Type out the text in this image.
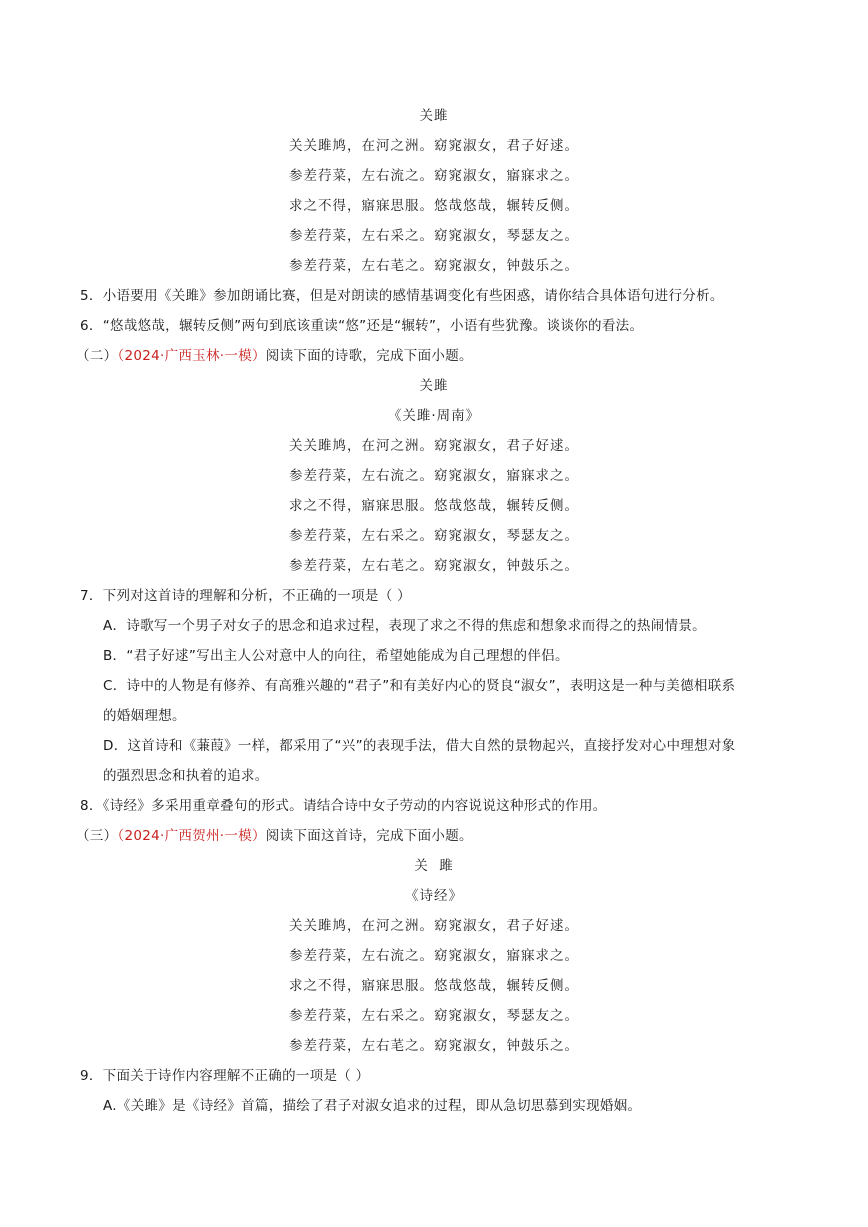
关雎
关关雎鸠，在河之洲。窈窕淑女，君子好逑。
参差荇菜，左右流之。窈窕淑女，寤寐求之。
求之不得，寤寐思服。悠哉悠哉，辗转反侧。
参差荇菜，左右采之。窈窕淑女，琴瑟友之。
参差荇菜，左右芼之。窈窕淑女，钟鼓乐之。
5．小语要用《关雎》参加朗诵比赛，但是对朗读的感情基调变化有些困惑，请你结合具体语句进行分析。
6．“悠哉悠哉，辗转反侧”两句到底该重读“悠”还是“辗转”，小语有些犹豫。谈谈你的看法。
（二）（2024·广西玉林·一模）阅读下面的诗歌，完成下面小题。
关雎
《关雎·周南》
关关雎鸠，在河之洲。窈窕淑女，君子好逑。
参差荇菜，左右流之。窈窕淑女，寤寐求之。
求之不得，寤寐思服。悠哉悠哉，辗转反侧。
参差荇菜，左右采之。窈窕淑女，琴瑟友之。
参差荇菜，左右芼之。窈窕淑女，钟鼓乐之。
7．下列对这首诗的理解和分析，不正确的一项是（ ）
A．诗歌写一个男子对女子的思念和追求过程，表现了求之不得的焦虑和想象求而得之的热闹情景。
B．“君子好逑”写出主人公对意中人的向往，希望她能成为自己理想的伴侣。
C．诗中的人物是有修养、有高雅兴趣的“君子”和有美好内心的贤良“淑女”，表明这是一种与美德相联系
的婚姻理想。
D．这首诗和《蒹葭》一样，都采用了“兴”的表现手法，借大自然的景物起兴，直接抒发对心中理想对象
的强烈思念和执着的追求。
8．《诗经》多采用重章叠句的形式。请结合诗中女子劳动的内容说说这种形式的作用。
（三）（2024·广西贺州·一模）阅读下面这首诗，完成下面小题。
关  雎
《诗经》
关关雎鸠，在河之洲。窈窕淑女，君子好逑。
参差荇菜，左右流之。窈窕淑女，寤寐求之。
求之不得，寤寐思服。悠哉悠哉，辗转反侧。
参差荇菜，左右采之。窈窕淑女，琴瑟友之。
参差荇菜，左右芼之。窈窕淑女，钟鼓乐之。
9．下面关于诗作内容理解不正确的一项是（ ）
A.《关雎》是《诗经》首篇，描绘了君子对淑女追求的过程，即从急切思慕到实现婚姻。
